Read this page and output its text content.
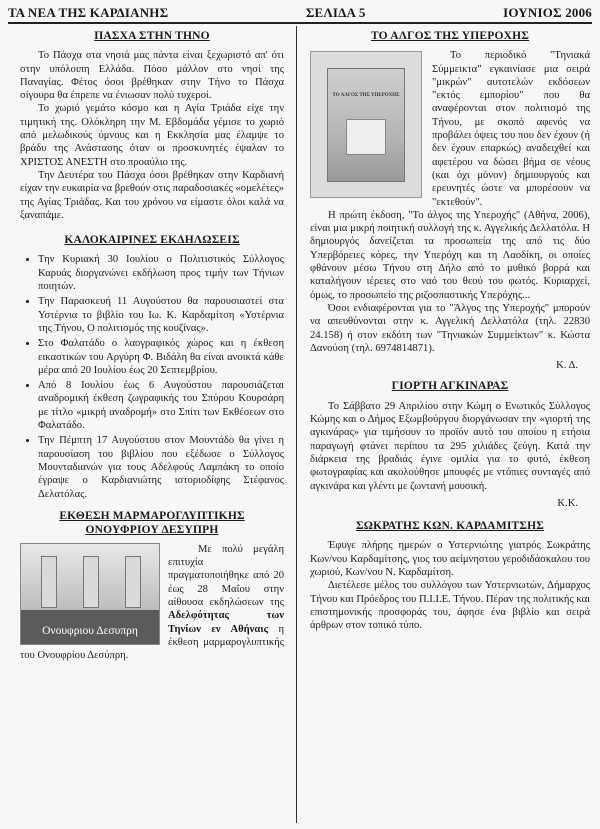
ΤΑ ΝΕΑ ΤΗΣ ΚΑΡΔΙΑΝΗΣ	ΣΕΛΙΔΑ 5	ΙΟΥΝΙΟΣ 2006
ΠΑΣΧΑ ΣΤΗΝ ΤΗΝΟ

Το Πάσχα στα νησιά μας πάντα είναι ξεχωριστό απ' ότι στην υπόλοιπη Ελλάδα. Πόσο μάλλον στο νησί της Παναγίας. Φέτος όσοι βρέθηκαν στην Τήνο το Πάσχα σίγουρα θα έπρεπε να ένιωσαν πολύ τυχεροί.

Το χωριό γεμάτο κόσμο και η Αγία Τριάδα είχε την τιμητική της. Ολόκληρη την Μ. Εβδομάδα γέμισε το χωριό από μελωδικούς ύμνους και η Εκκλησία μας έλαμψε το βράδυ της Ανάστασης όταν οι προσκυνητές έψαλαν το ΧΡΙΣΤΟΣ ΑΝΕΣΤΗ στο προαύλιο της.

Την Δευτέρα του Πάσχα όσοι βρέθηκαν στην Καρδιανή είχαν την ευκαιρία να βρεθούν στις παραδοσιακές «ομελέτες» της Αγίας Τριάδας. Και του χρόνου να είμαστε όλοι καλά να ξαναπάμε.

ΚΑΛΟΚΑΙΡΙΝΕΣ ΕΚΔΗΛΩΣΕΙΣ
• Την Κυριακή 30 Ιουλίου ο Πολιτιστικός Σύλλογος Καρυάς διοργανώνει εκδήλωση προς τιμήν των Τήνιων ποιητών.
• Την Παρασκευή 11 Αυγούστου θα παρουσιαστεί στα Υστέρνια το βιβλίο του Ιω. Κ. Καρδαμίτση «Υστέρνια της Τήνου, Ο πολιτισμός της κουζίνας».
• Στο Φαλατάδο ο λαογραφικός χώρος και η έκθεση εικαστικών του Αργύρη Φ. Βιδάλη θα είναι ανοικτά κάθε μέρα από 20 Ιουλίου έως 20 Σεπτεμβρίου.
• Από 8 Ιουλίου έως 6 Αυγούστου παρουσιάζεται αναδρομική έκθεση ζωγραφικής του Σπύρου Κουρσάρη με τίτλο «μικρή αναδρομή» στο Σπίτι των Εκθέσεων στο Φαλατάδο.
• Την Πέμπτη 17 Αυγούστου στον Μουντάδο θα γίνει η παρουσίαση του βιβλίου που εξέδωσε ο Σύλλογος Μουνταδιανών για τους Αδελφούς Λαμπάκη το οποίο έγραψε ο Καρδιανιώτης ιστοριοδίφης Στέφανος Δελατόλας.
ΕΚΘΕΣΗ ΜΑΡΜΑΡΟΓΛΥΠΤΙΚΗΣ
ΟΝΟΥΦΡΙΟΥ ΔΕΣΥΠΡΗ

Ονουφριου Δεσυπρη

Με πολύ μεγάλη επιτυχία πραγματοποιήθηκε από 20 έως 28 Μαΐου στην αίθουσα εκδηλώσεων της Αδελφότητας των Τηνίων εν Αθήναις η έκθεση μαρμαρογλυπτικής του Ονουφρίου Δεσύπρη.

ΤΟ ΑΛΓΟΣ ΤΗΣ ΥΠΕΡΟΧΗΣ
ΤΟ ΑΛΓΟΣ ΤΗΣ ΥΠΕΡΟΧΗΣ

Το περιοδικό "Τηνιακά Σύμμεικτα" εγκαινίασε μια σειρά "μικρών" αυτοτελών εκδόσεων "εκτός εμπορίου" που θα αναφέρονται στον πολιτισμό της Τήνου, με σκοπό αφενός να προβάλει όψεις του που δεν έχουν (ή δεν έχουν επαρκώς) αναδειχθεί και αφετέρου να δώσει βήμα σε νέους (και όχι μόνον) δημιουργούς και ερευνητές ώστε να μπορέσουν να "εκτεθούν".

Η πρώτη έκδοση, "Το άλγος της Υπεροχής" (Αθήνα, 2006), είναι μια μικρή ποιητική συλλογή της κ. Αγγελικής Δελλατόλα. Η δημιουργός δανείζεται τα προσωπεία της από τις δύο Υπερβόρειες κόρες, την Υπερόχη και τη Λαοδίκη, οι οποίες φθάνουν μέσω Τήνου στη Δήλο από το μυθικό βορρά και καταλήγουν ιέρειες στο ναό του θεού του φωτός. Κυριαρχεί, όμως, το προσωπείο της ριζοσπαστικής Υπερόχης...

Όσοι ενδιαφέρονται για το "Άλγος της Υπεροχής" μπορούν να απευθύνονται στην κ. Αγγελική Δελλατόλα (τηλ. 22830 24.158) ή στον εκδότη των "Τηνιακών Συμμείκτων" κ. Κώστα Δανούση (τηλ. 6974814871).

Κ. Δ.

ΓΙΟΡΤΗ ΑΓΚΙΝΑΡΑΣ

Το Σάββατο 29 Απριλίου στην Κώμη ο Ενωτικός Σύλλογος Κώμης και ο Δήμος Εξωμβούργου διοργάνωσαν την «γιορτή της αγκινάρας» για τιμήσουν το προϊόν αυτό του οποίου η ετήσια παραγωγή φτάνει περίπου τα 295 χιλιάδες ζεύγη. Κατά την διάρκεια της βραδιάς έγινε ομιλία για το φυτό, έκθεση φωτογραφίας και ακολούθησε μπουφές με ντόπιες συνταγές από αγκινάρα και γλέντι με ζωντανή μουσική.

Κ.Κ.

ΣΩΚΡΑΤΗΣ ΚΩΝ. ΚΑΡΔΑΜΙΤΣΗΣ

Έφυγε πλήρης ημερών ο Υστερνιώτης γιατρός Σωκράτης Κων/νου Καρδαμίτσης, γιος του αείμνηστου γεροδιδάσκαλου του χωριού, Κων/νου Ν. Καρδαμίτση.

Διετέλεσε μέλος του συλλόγου των Υστερνιωτών, Δήμαρχος Τήνου και Πρόεδρος του Π.Ι.Ι.Ε. Τήνου. Πέραν της πολιτικής και επιστημονικής προσφοράς του, άφησε ένα βιβλίο και σειρά άρθρων στον τοπικό τύπο.
